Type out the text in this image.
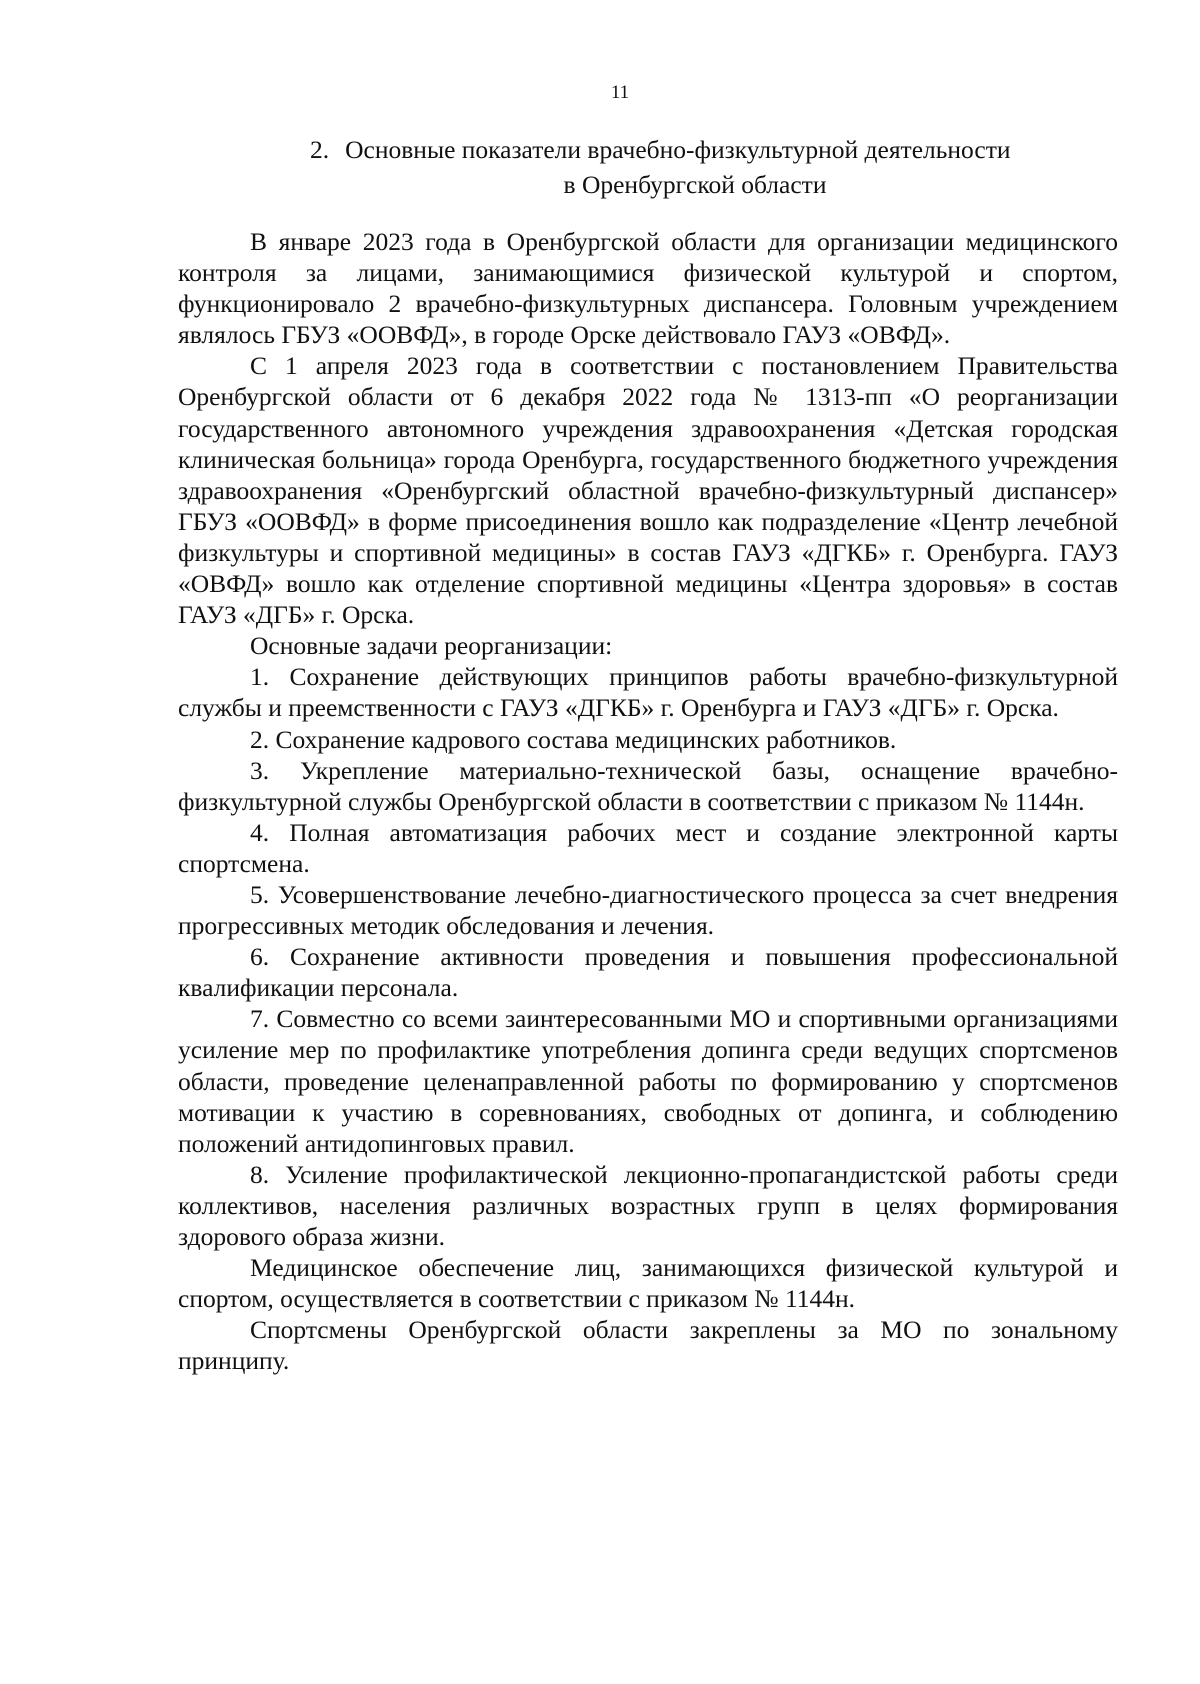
11
2. Основные показатели врачебно-физкультурной деятельности
в Оренбургской области

В январе 2023 года в Оренбургской области для организации медицинского контроля за лицами, занимающимися физической культурой и спортом, функционировало 2 врачебно-физкультурных диспансера. Головным учреждением являлось ГБУЗ «ООВФД», в городе Орске действовало ГАУЗ «ОВФД».

С 1 апреля 2023 года в соответствии с постановлением Правительства Оренбургской области от 6 декабря 2022 года № 1313-пп «О реорганизации государственного автономного учреждения здравоохранения «Детская городская клиническая больница» города Оренбурга, государственного бюджетного учреждения здравоохранения «Оренбургский областной врачебно-физкультурный диспансер» ГБУЗ «ООВФД» в форме присоединения вошло как подразделение «Центр лечебной физкультуры и спортивной медицины» в состав ГАУЗ «ДГКБ» г. Оренбурга. ГАУЗ «ОВФД» вошло как отделение спортивной медицины «Центра здоровья» в состав ГАУЗ «ДГБ» г. Орска.

Основные задачи реорганизации:

1. Сохранение действующих принципов работы врачебно-физкультурной службы и преемственности с ГАУЗ «ДГКБ» г. Оренбурга и ГАУЗ «ДГБ» г. Орска.

2. Сохранение кадрового состава медицинских работников.

3. Укрепление материально-технической базы, оснащение врачебно-физкультурной службы Оренбургской области в соответствии с приказом № 1144н.

4. Полная автоматизация рабочих мест и создание электронной карты спортсмена.

5. Усовершенствование лечебно-диагностического процесса за счет внедрения прогрессивных методик обследования и лечения.

6. Сохранение активности проведения и повышения профессиональной квалификации персонала.

7. Совместно со всеми заинтересованными МО и спортивными организациями усиление мер по профилактике употребления допинга среди ведущих спортсменов области, проведение целенаправленной работы по формированию у спортсменов мотивации к участию в соревнованиях, свободных от допинга, и соблюдению положений антидопинговых правил.

8. Усиление профилактической лекционно-пропагандистской работы среди коллективов, населения различных возрастных групп в целях формирования здорового образа жизни.

Медицинское обеспечение лиц, занимающихся физической культурой и спортом, осуществляется в соответствии с приказом № 1144н.

Спортсмены Оренбургской области закреплены за МО по зональному принципу.
